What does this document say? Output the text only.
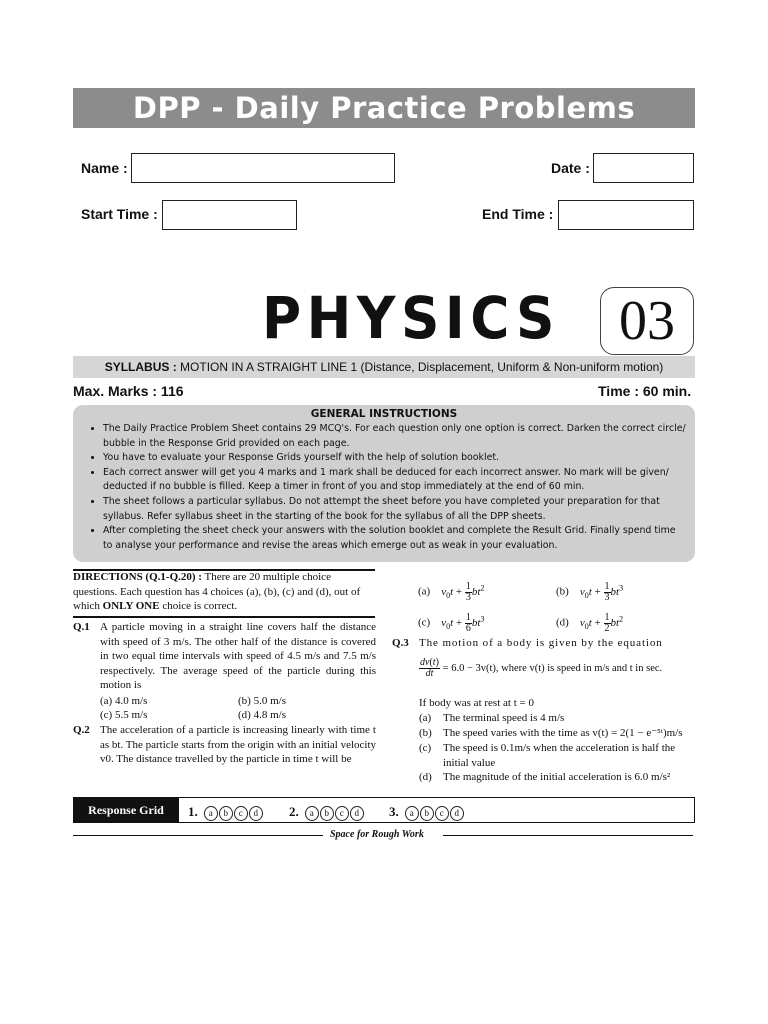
DPP - Daily Practice Problems
Name :	Date :
Start Time :	End Time :
PHYSICS	03
SYLLABUS : MOTION IN A STRAIGHT LINE 1 (Distance, Displacement, Uniform & Non-uniform motion)
Max. Marks : 116	Time : 60 min.
GENERAL INSTRUCTIONS
• The Daily Practice Problem Sheet contains 29 MCQ's. For each question only one option is correct. Darken the correct circle/ bubble in the Response Grid provided on each page.
• You have to evaluate your Response Grids yourself with the help of solution booklet.
• Each correct answer will get you 4 marks and 1 mark shall be deduced for each incorrect answer. No mark will be given/ deducted if no bubble is filled. Keep a timer in front of you and stop immediately at the end of 60 min.
• The sheet follows a particular syllabus. Do not attempt the sheet before you have completed your preparation for that syllabus. Refer syllabus sheet in the starting of the book for the syllabus of all the DPP sheets.
• After completing the sheet check your answers with the solution booklet and complete the Result Grid. Finally spend time to analyse your performance and revise the areas which emerge out as weak in your evaluation.
DIRECTIONS (Q.1-Q.20) : There are 20 multiple choice questions. Each question has 4 choices (a), (b), (c) and (d), out of which ONLY ONE choice is correct.
Q.1 A particle moving in a straight line covers half the distance with speed of 3 m/s. The other half of the distance is covered in two equal time intervals with speed of 4.5 m/s and 7.5 m/s respectively. The average speed of the particle during this motion is
(a) 4.0 m/s	(b) 5.0 m/s
(c) 5.5 m/s	(d) 4.8 m/s
Q.2 The acceleration of a particle is increasing linearly with time t as bt. The particle starts from the origin with an initial velocity v0. The distance travelled by the particle in time t will be
(a) $v_0t + \frac{1}{3} bt^2$	(b) $v_0t + \frac{1}{3} bt^3$
(c) $v_0t + \frac{1}{6} bt^3$	(d) $v_0t + \frac{1}{2} bt^2$
Q.3 The motion of a body is given by the equation
$\frac{dv(t)}{dt} = 6.0 - 3v(t)$, where v(t) is speed in m/s and t in sec.
If body was at rest at t = 0
(a) The terminal speed is 4 m/s
(b) The speed varies with the time as v(t) = 2(1 − e⁻⁵ᵗ)m/s
(c) The speed is 0.1m/s when the acceleration is half the initial value
(d) The magnitude of the initial acceleration is 6.0 m/s²
Response Grid	1. a b c d	2. a b c d	3. a b c d
Space for Rough Work
